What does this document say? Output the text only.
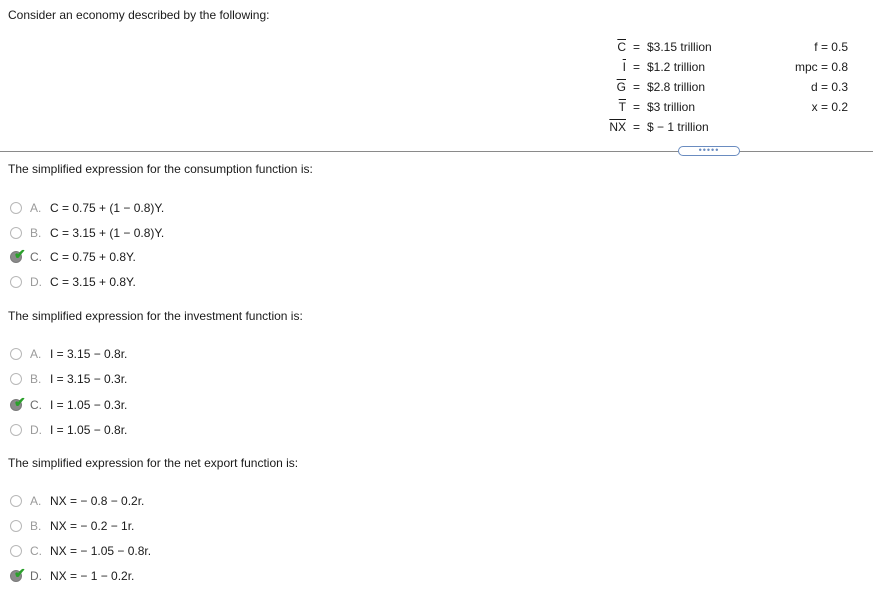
Consider an economy described by the following:
$\overline{C}$ = $3.15 trillion
$\overline{I}$ = $1.2 trillion
$\overline{G}$ = $2.8 trillion
$\overline{T}$ = $3 trillion
$\overline{NX}$ = $ − 1 trillion
f = 0.5
mpc = 0.8
d = 0.3
x = 0.2
•••••
The simplified expression for the consumption function is:
A. C = 0.75 + (1 − 0.8)Y.
B. C = 3.15 + (1 − 0.8)Y.
✔ C. C = 0.75 + 0.8Y.
D. C = 3.15 + 0.8Y.
The simplified expression for the investment function is:
A. I = 3.15 − 0.8r.
B. I = 3.15 − 0.3r.
✔ C. I = 1.05 − 0.3r.
D. I = 1.05 − 0.8r.
The simplified expression for the net export function is:
A. NX = − 0.8 − 0.2r.
B. NX = − 0.2 − 1r.
C. NX = − 1.05 − 0.8r.
✔ D. NX = − 1 − 0.2r.
